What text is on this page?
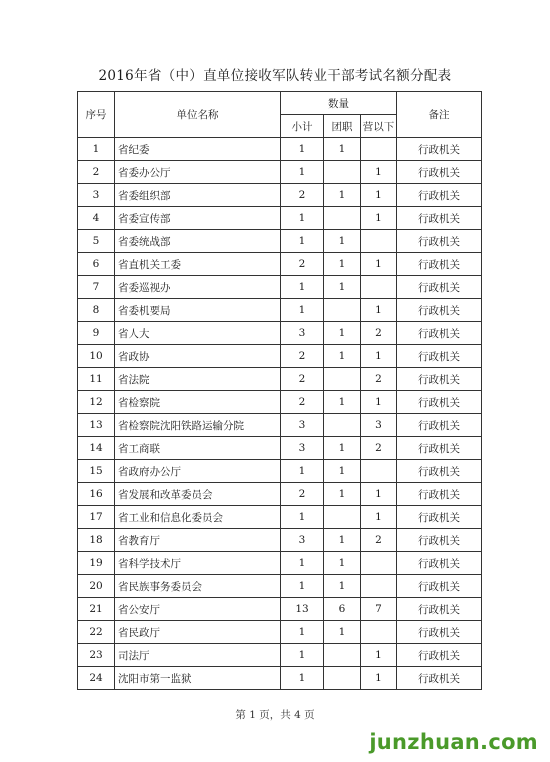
2016年省（中）直单位接收军队转业干部考试名额分配表
序号	单位名称	数量			备注
		小计	团职	营以下	
1	省纪委	1	1		行政机关
2	省委办公厅	1		1	行政机关
3	省委组织部	2	1	1	行政机关
4	省委宣传部	1		1	行政机关
5	省委统战部	1	1		行政机关
6	省直机关工委	2	1	1	行政机关
7	省委巡视办	1	1		行政机关
8	省委机要局	1		1	行政机关
9	省人大	3	1	2	行政机关
10	省政协	2	1	1	行政机关
11	省法院	2		2	行政机关
12	省检察院	2	1	1	行政机关
13	省检察院沈阳铁路运输分院	3		3	行政机关
14	省工商联	3	1	2	行政机关
15	省政府办公厅	1	1		行政机关
16	省发展和改革委员会	2	1	1	行政机关
17	省工业和信息化委员会	1		1	行政机关
18	省教育厅	3	1	2	行政机关
19	省科学技术厅	1	1		行政机关
20	省民族事务委员会	1	1		行政机关
21	省公安厅	13	6	7	行政机关
22	省民政厅	1	1		行政机关
23	司法厅	1		1	行政机关
24	沈阳市第一监狱	1		1	行政机关
第 1 页，共 4 页
junzhuan.com
